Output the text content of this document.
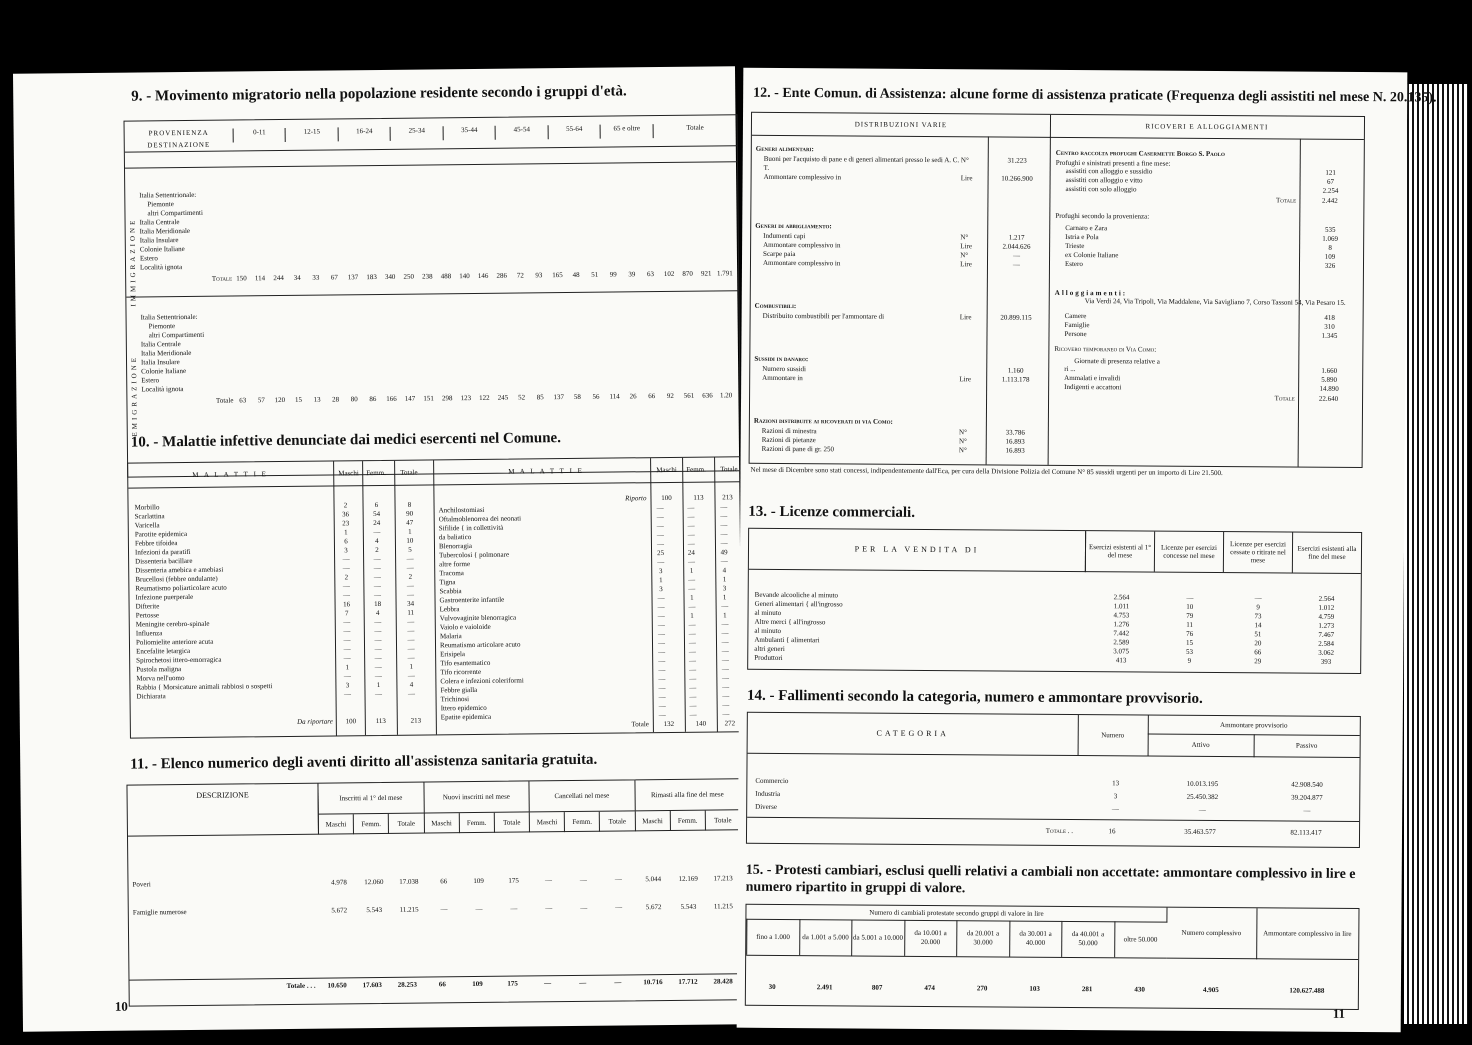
9. - Movimento migratorio nella popolazione residente secondo i gruppi d'età.
PROVENIENZA
DESTINAZIONE
0-11	12-15	16-24	25-34	35-44	45-54	55-64	65 e oltre	Totale
IMMIGRAZIONE
Italia Settentrionale:
Piemonte
altri Compartimenti
Italia Centrale
Italia Meridionale
Italia Insulare
Colonie Italiane
Estero
Località ignota
Totale 150	114	244	34	33	67	137	183	340	250	238	488	140	146	286	72	93	165	48	51	99	39	63	102	870	921 1.791
EMIGRAZIONE
Italia Settentrionale:
Piemonte
altri Compartimenti
Italia Centrale
Italia Meridionale
Italia Insulare
Colonie Italiane
Estero
Località ignota
Totale 63	57	120	15	13	28	80	86	166	147	151	298	123	122	245	52	85	137	58	56	114	26	66	92	561	636	1.20
10. - Malattie infettive denunciate dai medici esercenti nel Comune.
M A L A T T I E	Maschi Femm. Totale	M A L A T T I E	Maschi Femm. Totale
Morbillo	2	6	8
Scarlattina	36	54	90
Varicella	23	24	47
Parotite epidemica	1	—	1
Febbre tifoidea	6	4	10
Infezioni da paratifi	3	2	5
Dissenteria bacillare	—	—	—
Dissenteria amebica e amebiasi	—	—	—
Brucellosi (febbre ondulante)	2	—	2
Reumatismo poliarticolare acuto	—	—	—
Infezione puerperale	—	—	—
Difterite	16	18	34
Pertosse	7	4	11
Meningite cerebro-spinale	—	—	—
Influenza	—	—	—
Poliomielite anteriore acuta	—	—	—
Encefalite letargica	—	—	—
Spirochetosi ittero-emorragica	—	—	—
Pustola maligna	1	—	1
Morva nell'uomo	—	—	—
Rabbia { Morsicature animali rabbiosi o sospetti	3	1	4
Dichiarata	—	—	—
Da riportare	100	113	213
Riporto	100	113	213
Anchilostomiasi	—	—	—
Oftalmoblenorrea dei neonati	—	—	—
Sifilide { in collettività	—	—	—
da baliatico	—	—	—
Blenorragia	—	—	—
Tubercolosi { polmonare	25	24	49
altre forme	—	—	—
Tracoma	3	1	4
Tigna	1	—	1
Scabbia	3	—	3
Gastroenterite infantile	—	1	1
Lebbra	—	—	—
Vulvovaginite blenorragica	—	1	1
Vaiolo e vaioloide	—	—	—
Malaria	—	—	—
Reumatismo articolare acuto	—	—	—
Erisipela	—	—	—
Tifo esantematico	—	—	—
Tifo ricorrente	—	—	—
Colera e infezioni coleriformi	—	—	—
Febbre gialla	—	—	—
Trichinosi	—	—	—
Ittero epidemico	—	—	—
Epatite epidemica	—	—	—
Totale	132	140	272
11. - Elenco numerico degli aventi diritto all'assistenza sanitaria gratuita.
DESCRIZIONE	Inscritti al 1° del mese	Nuovi inscritti nel mese	Cancellati nel mese	Rimasti alla fine del mese
Maschi	Femm.	Totale	Maschi	Femm.	Totale	Maschi	Femm.	Totale	Maschi	Femm.	Totale
Poveri	4.978	12.060	17.038	66	109	175	—	—	—	5.044	12.169	17.213
Famiglie numerose	5.672	5.543	11.215	—	—	—	—	—	—	5.672	5.543	11.215
Totale . . .	10.650	17.603	28.253	66	109	175	—	—	—	10.716	17.712	28.428
10
12. - Ente Comun. di Assistenza: alcune forme di assistenza praticate (Frequenza degli assistiti nel mese N. 20.135).
DISTRIBUZIONI VARIE	RICOVERI E ALLOGGIAMENTI
Generi alimentari:
Buoni per l'acquisto di pane e di generi alimentari presso le sedi A. C. T.
N°	31.223
Ammontare complessivo in	Lire	10.266.900
Generi di abbigliamento:
Indumenti capi	N°	1.217
Ammontare complessivo in	Lire	2.044.626
Scarpe paia	N°	—
Ammontare complessivo in	Lire	—
Combustibili:
Distribuito combustibili per l'ammontare di	Lire	20.899.115
Sussidi in danaro:
Numero sussidi	1.160
Ammontare in	Lire	1.113.178
Razioni distribuite ai ricoverati di via Como:
Razioni di minestra	N°	33.786
Razioni di pietanze	N°	16.893
Razioni di pane di gr. 250	N°	16.893
Centro raccolta profughi Casermette Borgo S. Paolo
Profughi e sinistrati presenti a fine mese:
assistiti con alloggio e sussidio	121
assistiti con alloggio e vitto	67
assistiti con solo alloggio	2.254
Totale	2.442
Profughi secondo la provenienza:
Carnaro e Zara	535
Istria e Pola	1.069
Trieste	8
ex Colonie Italiane	109
Estero	326
Alloggiamenti:
Via Verdi 24, Via Tripoli, Via Maddalene, Via Savigliano 7, Corso Tassoni 54, Via Pesaro 15.
Camere	418
Famiglie	310
Persone	1.345
Ricovero temporaneo di Via Como:
Giornate di presenza relative a
ri ...	1.660
Ammalati e invalidi	5.890
Indigenti e accattoni	14.890
Totale	22.640
Nel mese di Dicembre sono stati concessi, indipendentemente dall'Eca, per cura della Divisione Polizia del Comune N° 85 sussidi urgenti per un importo di Lire 21.500.
13. - Licenze commerciali.
PER LA VENDITA DI	Esercizi esistenti al 1° del mese
Licenze per esercizi concesse nel mese
Licenze per esercizi cessate o ritirate nel mese
Esercizi esistenti alla fine del mese
Bevande alcooliche al minuto	2.564	—	—	2.564
Generi alimentari { all'ingrosso	1.011	10	9	1.012
al minuto	4.753	79	73	4.759
Altre merci { all'ingrosso	1.276	11	14	1.273
al minuto	7.442	76	51	7.467
Ambulanti { alimentari	2.589	15	20	2.584
altri generi	3.075	53	66	3.062
Produttori	413	9	29	393
14. - Fallimenti secondo la categoria, numero e ammontare provvisorio.
CATEGORIA	Numero
Ammontare provvisorio
Attivo	Passivo
Commercio	13	10.013.195	42.908.540
Industria	3	25.450.382	39.204.877
Diverse	—	—	—
Totale . .	16	35.463.577	82.113.417
15. - Protesti cambiari, esclusi quelli relativi a cambiali non accettate: ammontare complessivo in lire e numero ripartito in gruppi di valore.
Numero di cambiali protestate secondo gruppi di valore in lire
fino a 1.000	da 1.001 a 5.000 da 5.001 a 10.000	da 10.001 a 20.000
da 20.001 a 30.000
da 30.001 a 40.000
da 40.001 a 50.000
oltre 50.000
Numero complessivo	Ammontare complessivo in lire
30	2.491	807	474	270	103	281	430	4.905	120.627.488
11
